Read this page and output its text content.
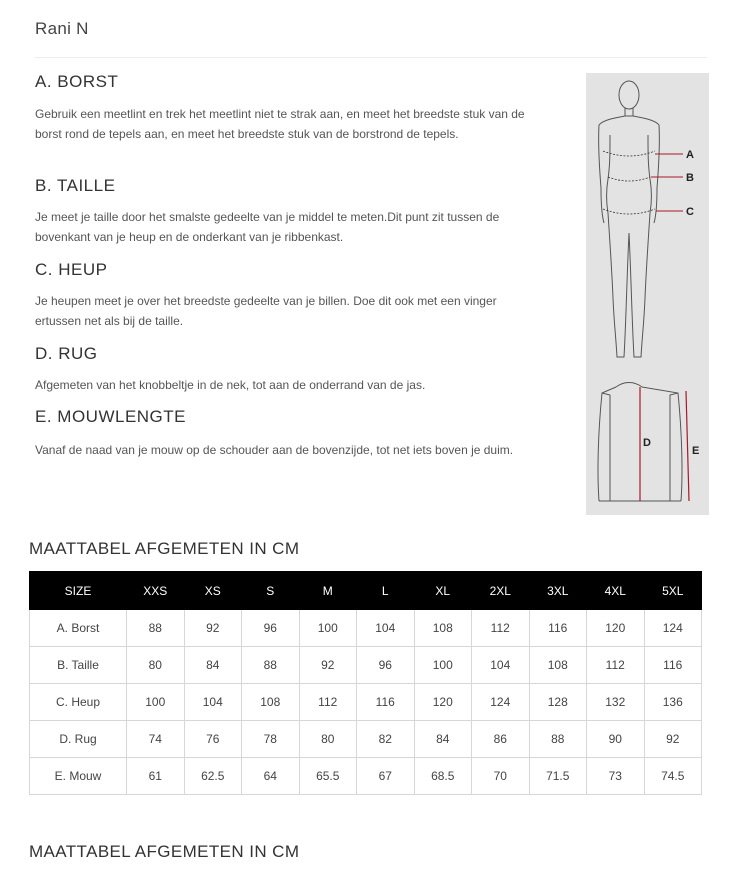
Rani N
A. BORST
Gebruik een meetlint en trek het meetlint niet te strak aan, en meet het breedste stuk van de borst rond de tepels aan, en meet het breedste stuk van de borstrond de tepels.
B. TAILLE
Je meet je taille door het smalste gedeelte van je middel te meten.Dit punt zit tussen de bovenkant van je heup en de onderkant van je ribbenkast.
C. HEUP
Je heupen meet je over het breedste gedeelte van je billen. Doe dit ook met een vinger ertussen net als bij de taille.
D. RUG
Afgemeten van het knobbeltje in de nek, tot aan de onderrand van de jas.
E. MOUWLENGTE
Vanaf de naad van je mouw op de schouder aan de bovenzijde, tot net iets boven je duim.
A
B
C
D
E
MAATTABEL AFGEMETEN IN CM
SIZE	XXS	XS	S	M	L	XL	2XL	3XL	4XL	5XL
A. Borst	88	92	96	100	104	108	112	116	120	124
B. Taille	80	84	88	92	96	100	104	108	112	116
C. Heup	100	104	108	112	116	120	124	128	132	136
D. Rug	74	76	78	80	82	84	86	88	90	92
E. Mouw	61	62.5	64	65.5	67	68.5	70	71.5	73	74.5
MAATTABEL AFGEMETEN IN CM
